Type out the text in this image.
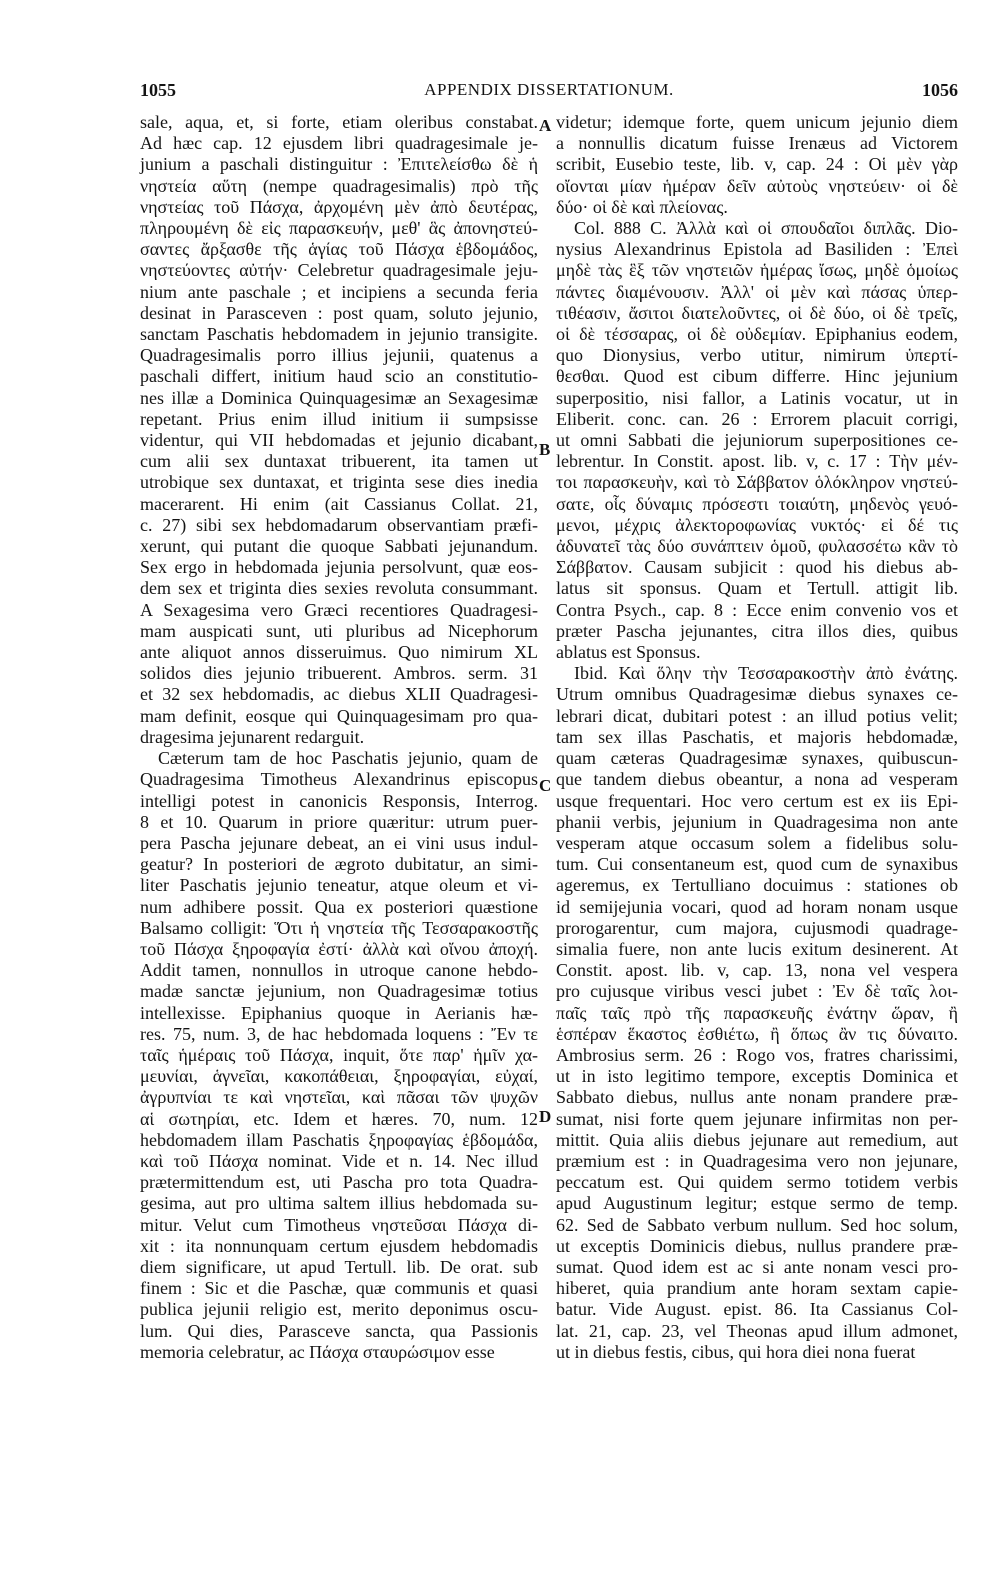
1055	APPENDIX DISSERTATIONUM.	1056
sale, aqua, et, si forte, etiam oleribus constabat.
Ad hæc cap. 12 ejusdem libri quadragesimale je-
junium a paschali distinguitur : Ἐπιτελείσθω δὲ ἡ
νηστεία αὕτη (nempe quadragesimalis) πρὸ τῆς
νηστείας τοῦ Πάσχα, ἀρχομένη μὲν ἀπὸ δευτέρας,
πληρουμένη δὲ εἰς παρασκευήν, μεθ' ἃς ἀπονηστεύ-
σαντες ἄρξασθε τῆς ἁγίας τοῦ Πάσχα ἑβδομάδος,
νηστεύοντες αὐτήν· Celebretur quadragesimale jeju-
nium ante paschale ; et incipiens a secunda feria
desinat in Parasceven : post quam, soluto jejunio,
sanctam Paschatis hebdomadem in jejunio transigite.
Quadragesimalis porro illius jejunii, quatenus a
paschali differt, initium haud scio an constitutio-
nes illæ a Dominica Quinquagesimæ an Sexagesimæ
repetant. Prius enim illud initium ii sumpsisse
videntur, qui VII hebdomadas et jejunio dicabant,
cum alii sex duntaxat tribuerent, ita tamen ut
utrobique sex duntaxat, et triginta sese dies inedia
macerarent. Hi enim (ait Cassianus Collat. 21,
c. 27) sibi sex hebdomadarum observantiam præfi-
xerunt, qui putant die quoque Sabbati jejunandum.
Sex ergo in hebdomada jejunia persolvunt, quæ eos-
dem sex et triginta dies sexies revoluta consummant.
A Sexagesima vero Græci recentiores Quadragesi-
mam auspicati sunt, uti pluribus ad Nicephorum
ante aliquot annos disseruimus. Quo nimirum XL
solidos dies jejunio tribuerent. Ambros. serm. 31
et 32 sex hebdomadis, ac diebus XLII Quadragesi-
mam definit, eosque qui Quinquagesimam pro qua-
dragesima jejunarent redarguit.
Cæterum tam de hoc Paschatis jejunio, quam de
Quadragesima Timotheus Alexandrinus episcopus
intelligi potest in canonicis Responsis, Interrog.
8 et 10. Quarum in priore quæritur: utrum puer-
pera Pascha jejunare debeat, an ei vini usus indul-
geatur? In posteriori de ægroto dubitatur, an simi-
liter Paschatis jejunio teneatur, atque oleum et vi-
num adhibere possit. Qua ex posteriori quæstione
Balsamo colligit: Ὅτι ἡ νηστεία τῆς Τεσσαρακοστῆς
τοῦ Πάσχα ξηροφαγία ἐστί· ἀλλὰ καὶ οἴνου ἀποχή.
Addit tamen, nonnullos in utroque canone hebdo-
madæ sanctæ jejunium, non Quadragesimæ totius
intellexisse. Epiphanius quoque in Aerianis hæ-
res. 75, num. 3, de hac hebdomada loquens : Ἔν τε
ταῖς ἡμέραις τοῦ Πάσχα, inquit, ὅτε παρ' ἡμῖν χα-
μευνίαι, ἁγνεῖαι, κακοπάθειαι, ξηροφαγίαι, εὐχαί,
ἀγρυπνίαι τε καὶ νηστεῖαι, καὶ πᾶσαι τῶν ψυχῶν
αἱ σωτηρίαι, etc. Idem et hæres. 70, num. 12
hebdomadem illam Paschatis ξηροφαγίας ἑβδομάδα,
καὶ τοῦ Πάσχα nominat. Vide et n. 14. Nec illud
prætermittendum est, uti Pascha pro tota Quadra-
gesima, aut pro ultima saltem illius hebdomada su-
mitur. Velut cum Timotheus νηστεῦσαι Πάσχα di-
xit : ita nonnunquam certum ejusdem hebdomadis
diem significare, ut apud Tertull. lib. De orat. sub
finem : Sic et die Paschæ, quæ communis et quasi
publica jejunii religio est, merito deponimus oscu-
lum. Qui dies, Parasceve sancta, qua Passionis
memoria celebratur, ac Πάσχα σταυρώσιμον esse
videtur; idemque forte, quem unicum jejunio diem
a nonnullis dicatum fuisse Irenæus ad Victorem
scribit, Eusebio teste, lib. v, cap. 24 : Οἱ μὲν γὰρ
οἴονται μίαν ἡμέραν δεῖν αὐτοὺς νηστεύειν· οἱ δὲ
δύο· οἱ δὲ καὶ πλείονας.
Col. 888 C. Ἀλλὰ καὶ οἱ σπουδαῖοι διπλᾶς. Dio-
nysius Alexandrinus Epistola ad Basiliden : Ἐπεὶ
μηδὲ τὰς ἓξ τῶν νηστειῶν ἡμέρας ἴσως, μηδὲ ὁμοίως
πάντες διαμένουσιν. Ἀλλ' οἱ μὲν καὶ πάσας ὑπερ-
τιθέασιν, ἄσιτοι διατελοῦντες, οἱ δὲ δύο, οἱ δὲ τρεῖς,
οἱ δὲ τέσσαρας, οἱ δὲ οὐδεμίαν. Epiphanius eodem,
quo Dionysius, verbo utitur, nimirum ὑπερτί-
θεσθαι. Quod est cibum differre. Hinc jejunium
superpositio, nisi fallor, a Latinis vocatur, ut in
Eliberit. conc. can. 26 : Errorem placuit corrigi,
ut omni Sabbati die jejuniorum superpositiones ce-
lebrentur. In Constit. apost. lib. v, c. 17 : Τὴν μέν-
τοι παρασκευὴν, καὶ τὸ Σάββατον ὁλόκληρον νηστεύ-
σατε, οἷς δύναμις πρόσεστι τοιαύτη, μηδενὸς γευό-
μενοι, μέχρις ἀλεκτοροφωνίας νυκτός· εἰ δέ τις
ἀδυνατεῖ τὰς δύο συνάπτειν ὁμοῦ, φυλασσέτω κἂν τὸ
Σάββατον. Causam subjicit : quod his diebus ab-
latus sit sponsus. Quam et Tertull. attigit lib.
Contra Psych., cap. 8 : Ecce enim convenio vos et
præter Pascha jejunantes, citra illos dies, quibus
ablatus est Sponsus.
Ibid. Καὶ ὅλην τὴν Τεσσαρακοστὴν ἀπὸ ἐνάτης.
Utrum omnibus Quadragesimæ diebus synaxes ce-
lebrari dicat, dubitari potest : an illud potius velit;
tam sex illas Paschatis, et majoris hebdomadæ,
quam cæteras Quadragesimæ synaxes, quibuscun-
que tandem diebus obeantur, a nona ad vesperam
usque frequentari. Hoc vero certum est ex iis Epi-
phanii verbis, jejunium in Quadragesima non ante
vesperam atque occasum solem a fidelibus solu-
tum. Cui consentaneum est, quod cum de synaxibus
ageremus, ex Tertulliano docuimus : stationes ob
id semijejunia vocari, quod ad horam nonam usque
prorogarentur, cum majora, cujusmodi quadrage-
simalia fuere, non ante lucis exitum desinerent. At
Constit. apost. lib. v, cap. 13, nona vel vespera
pro cujusque viribus vesci jubet : Ἐν δὲ ταῖς λοι-
παῖς ταῖς πρὸ τῆς παρασκευῆς ἐνάτην ὥραν, ἢ
ἑσπέραν ἕκαστος ἐσθιέτω, ἢ ὅπως ἂν τις δύναιτο.
Ambrosius serm. 26 : Rogo vos, fratres charissimi,
ut in isto legitimo tempore, exceptis Dominica et
Sabbato diebus, nullus ante nonam prandere præ-
sumat, nisi forte quem jejunare infirmitas non per-
mittit. Quia aliis diebus jejunare aut remedium, aut
præmium est : in Quadragesima vero non jejunare,
peccatum est. Qui quidem sermo totidem verbis
apud Augustinum legitur; estque sermo de temp.
62. Sed de Sabbato verbum nullum. Sed hoc solum,
ut exceptis Dominicis diebus, nullus prandere præ-
sumat. Quod idem est ac si ante nonam vesci pro-
hiberet, quia prandium ante horam sextam capie-
batur. Vide August. epist. 86. Ita Cassianus Col-
lat. 21, cap. 23, vel Theonas apud illum admonet,
ut in diebus festis, cibus, qui hora diei nona fuerat
A
B
C
D
